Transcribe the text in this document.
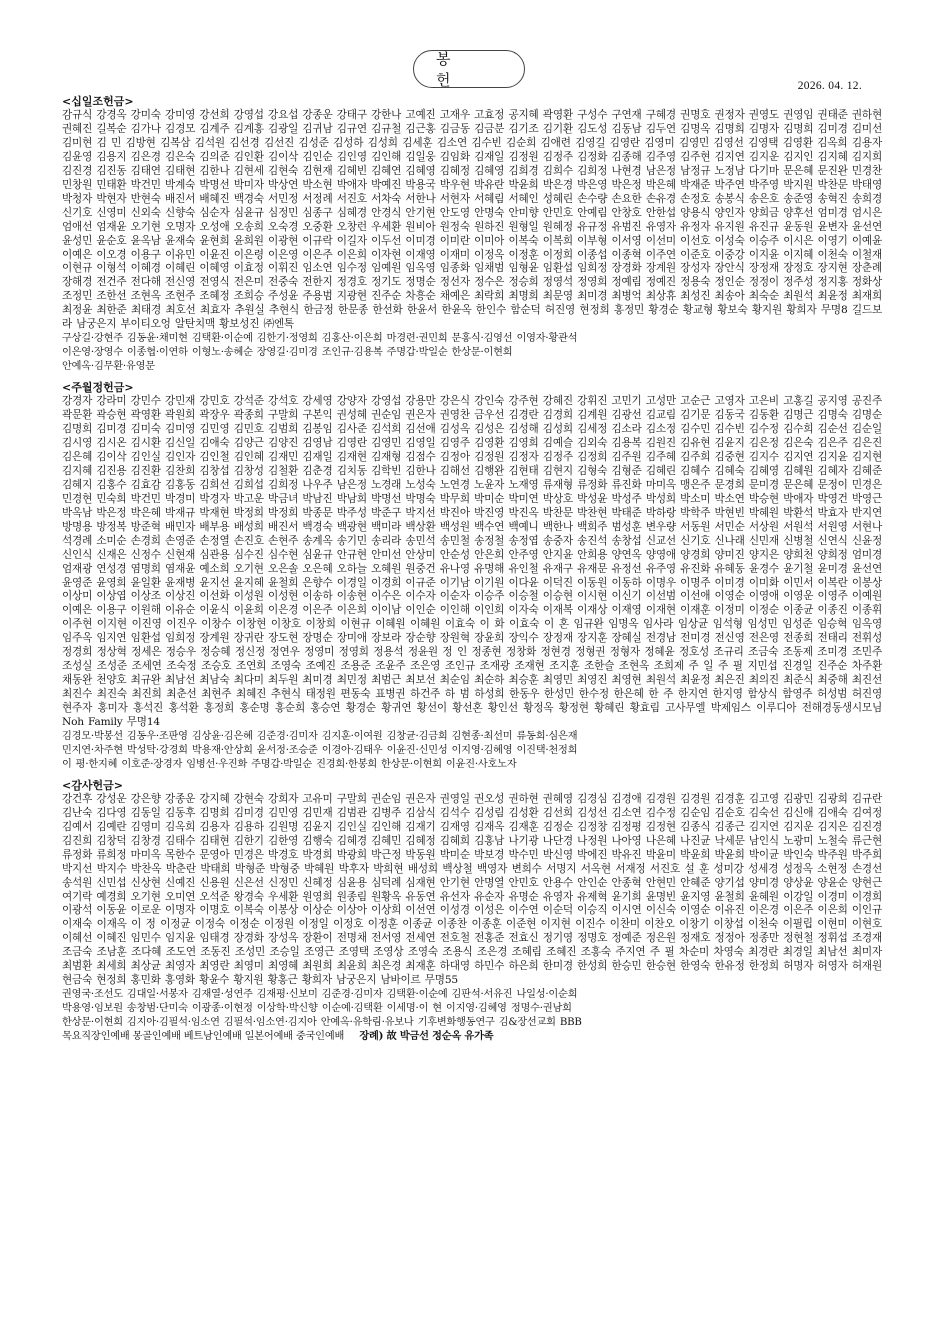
봉 헌	2026. 04. 12.
<십일조헌금>

감규식 강경옥 강미숙 강미영 강선희 강영섭 강요섭 강종운 강태구 강한나 고예진 고재우 고효정 공지혜 곽영환 구성수 구연재 구혜경 권명호 권정자 권영도 권영임 권태준 권하현 권혜진 길복순 김가나 김경모 김계주 김계홍 김광일 김귀남 김규연 김규철 김근홍 김금동 김금분 김기조 김기환 김도성 김동남 김두연 김명옥 김명희 김명자 김명희 김미경 김미선 김미현 김 민 김방현 김복삼 김석원 김선경 김선진 김성준 김성하 김성희 김세훈 김소연 김수빈 김순희 김애련 김영길 김영란 김영미 김영민 김영선 김영택 김영환 김옥희 김용자 김윤영 김용지 김은경 김은숙 김의준 김인환 김이삭 김인순 김인영 김인해 김일웅 김임화 김재일 김정원 김정주 김정화 김종해 김주영 김주현 김지연 김지운 김지인 김지혜 김지희 김진경 김진동 김태연 김태현 김한나 김현세 김현숙 김현재 김혜빈 김혜연 김혜영 김혜정 김혜영 김희경 김희수 김희정 나현경 남은정 남정규 노정남 다기마 문은혜 문진완 민경찬 민창원 민태환 박건민 박계숙 박명선 박미자 박상연 박소현 박애자 박예진 박용국 박우현 박유란 박윤희 박은경 박은영 박은정 박은혜 박재준 박주연 박주영 박지원 박찬문 박태영 박청자 박현자 반현숙 배진서 배혜진 백경숙 서민정 서정례 서진호 서차숙 서한나 서현자 서혜림 서혜인 성혜린 손수량 손요한 손유경 손정호 송봉식 송은호 송준영 송혁진 송희경 신기호 신영미 신외숙 신향숙 심순자 심윤규 심정민 심종구 심혜경 안경식 안기현 안도영 안명숙 안미향 안민호 안예림 안창호 안한섭 양용식 양인자 양희금 양후선 엄미경 엄시은 엄애선 엄재윤 오기현 오명자 오성애 오송희 오숙경 오중환 오창런 우세환 원비아 원정숙 원하진 원형일 원혜정 유규정 유범진 유영자 유정자 유지원 유진규 윤동원 윤변자 윤선연 윤성민 윤순호 윤옥남 윤재숙 윤현희 윤희원 이광현 이규락 이길자 이두선 이미경 이미란 이미아 이복숙 이복희 이부형 이서영 이선미 이선호 이성숙 이승주 이시은 이영기 이예윤 이예은 이오경 이용구 이유민 이윤진 이은령 이은영 이은주 이은희 이자현 이재영 이재미 이정옥 이정훈 이정희 이종섭 이종혁 이주연 이준호 이중강 이지윤 이지혜 이천숙 이철재 이현규 이형석 이혜경 이혜린 이혜영 이효정 이휘진 임소연 임수정 임예원 임옥영 임종화 임채범 임형윤 임환섭 임희정 장경화 장계원 장성자 장안식 장정재 장정호 장지현 장춘례 장해경 전건주 전다해 전신영 전영식 전은미 전중숙 전한지 정경호 정기도 정명순 정선자 정수은 정승희 정영석 정영희 정예림 정예진 정용숙 정인순 정정이 정주성 정지홍 정화상 조정민 조한선 조현옥 조현주 조혜정 조희승 주성윤 주용범 지광현 진주순 차흥순 채예은 최락희 최명희 최문영 최미경 최병억 최상휴 최성진 최송아 최숙순 최원석 최윤정 최재희 최정윤 최한준 최태경 최호선 최효자 추원실 추현식 한금정 한문종 한선화 한윤서 한윤옥 한인수 함순덕 허진영 현정희 홍정민 황경순 황교형 황보숙 황지원 황희자 무명8 길드보라 남궁은지 부이티오엉 알탄치맥 황보성진 ㈜엔톡

구상길·강현주 김동윤·채미현 김택환·이순예 김한기·정영희 김홍산·이은희 마경련·권민희 문홍식·김영선 이영자·황관석

이은영·장영수 이종협·이연하 이형노·송혜순 장영길·김미경 조인규·김용복 주명갑·박일순 한상문·이현희

안예옥·김무환·유영문

<주월정헌금>

강경자 강라미 강민수 강민재 강민호 강석준 강석호 강세영 강양자 강영섭 강용만 강은식 강인숙 강주현 강혜진 강휘진 고민기 고성만 고순근 고영자 고은비 고홍길 공지영 공진주 곽문환 곽승현 곽영환 곽원희 곽장우 곽종희 구말희 구본익 권성혜 권순임 권은자 권영찬 금우선 김경란 김경희 김계원 김광선 김교림 김기문 김동국 김동환 김명근 김명숙 김명순 김명희 김미경 김미숙 김미영 김민영 김민호 김범희 김봉임 김사준 김석희 김선애 김성옥 김성은 김성해 김성희 김세정 김소라 김소정 김수민 김수빈 김수정 김수희 김순선 김순일 김시영 김시온 김시환 김신일 김애숙 김양근 김양진 김영남 김영란 김영민 김영일 김영주 김영환 김영희 김예슬 김외숙 김용복 김원진 김유현 김윤지 김은정 김은숙 김은주 김은진 김은혜 김이삭 김인실 김인자 김인철 김인혜 김재민 김재일 김재현 김재형 김점수 김정아 김정원 김정자 김정주 김정희 김주원 김주혜 김주희 김중현 김지수 김지연 김지윤 김지현 김지혜 김진용 김진환 김찬희 김창섭 김창성 김철환 김춘경 김치동 김학빈 김한나 김해선 김행완 김현태 김현지 김형숙 김형준 김혜린 김혜수 김혜숙 김혜영 김혜원 김혜자 김혜준 김혜지 김홍수 김효감 김홍동 김희선 김희섭 김희정 나우주 남은정 노경래 노성숙 노연경 노윤자 노재영 류재형 류정화 류진화 마미옥 맹은주 문경희 문미경 문은혜 문정이 민경은 민경현 민숙희 박건민 박경미 박경자 박고운 박금녀 박남진 박남희 박명선 박명숙 박무희 박미순 박미연 박상호 박성윤 박성주 박성희 박소미 박소연 박승현 박애자 박영건 박영근 박옥남 박은정 박은혜 박재규 박재현 박정희 박정희 박종문 박주성 박준구 박지선 박진아 박진영 박진옥 박찬문 박찬현 박태준 박하랑 박학주 박현빈 박혜원 박환석 박효자 반지연 방명용 방정복 방준혁 배민자 배부용 배성희 배진서 백경숙 백광현 백미라 백상환 백성원 백수연 백예니 백한나 백희주 범성훈 변우량 서동원 서민순 서상원 서원석 서원영 서현나 석경례 소미순 손경희 손영준 손정열 손진호 손현주 송계옥 송기민 송리라 송민석 송민철 송정철 송정엽 송중자 송진석 송창섭 신교선 신기호 신나래 신민재 신병철 신연식 신윤정 신인식 신재은 신정수 신현재 심관용 심수진 심수현 심윤규 안규현 안미선 안상미 안순성 안은희 안주영 안지윤 안희용 양연옥 양영애 양경희 양미진 양지은 양희천 양희정 엄미경 엄재광 연성경 염명희 염재윤 예소희 오기현 오은솔 오은혜 오하늘 오혜원 원중건 유나영 유명해 유인철 유재구 유재문 유정선 유주영 유진화 유혜동 윤경수 윤기철 윤미경 윤선연 윤영준 윤영희 윤일환 윤재병 윤지선 윤지혜 윤철희 은향수 이경일 이경희 이규준 이기남 이기원 이다윤 이덕진 이동원 이동하 이명우 이명주 이미경 이미화 이민서 이복란 이봉상 이상미 이상엽 이상조 이상진 이선화 이성원 이성현 이송하 이송현 이수은 이수자 이순자 이승주 이승철 이승현 이시현 이신기 이선범 이선애 이영순 이영애 이영운 이영주 이예원 이예은 이용구 이원해 이유순 이윤식 이윤희 이은경 이은주 이은희 이이남 이인순 이인해 이인희 이자숙 이재복 이재상 이재영 이재현 이재훈 이정미 이정순 이종균 이종진 이종휘 이주현 이지현 이진영 이진우 이창수 이창현 이창호 이창희 이현규 이혜원 이혜원 이효숙 이 화 이효숙 이 혼 임규완 임명옥 임사라 임상균 임석형 임성민 임성준 임승혁 임옥영 임주옥 임지연 임환섭 임희정 장계원 장귀란 장도현 장명순 장미애 장보라 장순향 장원혁 장윤희 장익수 장정재 장지훈 장혜실 전경남 전미경 전신영 전은영 전종희 전태리 전휘성 정경희 정상혁 정세은 정승우 정승혜 정신정 정연우 정영미 정영희 정용석 정윤원 정 인 정종현 정창화 정현경 정형권 정형자 정혜윤 정호성 조규리 조금숙 조동제 조미경 조민주 조성실 조성준 조세연 조숙정 조승호 조연희 조영숙 조예진 조용준 조윤주 조은영 조인규 조재광 조재현 조지훈 조한슬 조현옥 조희제 주 일 주 필 지민섭 진경일 진주순 차주환 채동완 천양호 최규완 최남선 최남숙 최다미 최두원 최미경 최민정 최범근 최보선 최순임 최순하 최승훈 최영민 최영진 최영현 최원석 최윤정 최은진 최의진 최준식 최중해 최진선 최진수 최진숙 최진희 최춘선 최현주 최혜진 추현식 태정원 편동숙 표병권 하건주 하 범 하성희 한동우 한성민 한수정 한은혜 한 주 한지연 한지영 함상식 함영주 허성범 허진영 현주자 홍미자 홍석진 홍석환 홍정희 홍순명 홍순희 홍승연 황경순 황귀연 황선이 황선혼 황인선 황정옥 황정현 황혜린 황효림 고사무엘 박제임스 이루디아 전해경동생시모님 Noh Family 무명14

김경모·박봉선 김동우·조판영 김상윤·김은혜 김준경·김미자 김지훈·이여원 김창균·김금희 김현종·최선미 류동희·심은재

민지연·차주현 박성탁·강경희 박용재·안상희 윤서정·조승준 이경아·김태우 이윤진·신민성 이지영·김혜영 이진택·천정희

이 평·한지혜 이호준·장경자 임병선·우진화 주명갑·박일순 진경희·한봉희 한상문·이현희 이윤진·사호노자

<감사헌금>

강건후 강성운 강은향 강종운 강지혜 강현숙 강희자 고유미 구말희 권순임 권은자 권영일 권오성 권하현 권혜영 김경심 김경애 김경원 김경원 김경훈 김고영 김광민 김광희 김규란 김난숙 김다영 김동일 김동후 김명희 김미경 김민영 김민재 김범관 김병주 김삼식 김석수 김성림 김성환 김선희 김성선 김소연 김수정 김순임 김순호 김숙선 김신애 김애숙 김여정 김예서 김예란 김영미 김옥희 김용자 김용하 김원명 김윤지 김인실 김인해 김재기 김재영 김재옥 김재훈 김정순 김정창 김정평 김정현 김종식 김종근 김지연 김지운 김지은 김진경 김진희 김창덕 김창경 김태수 김태현 김한기 김한영 김행숙 김혜경 김혜민 김혜정 김혜희 김홍남 나기광 나단경 나정원 나아영 나은혜 나진균 낙세문 남인식 노광미 노철숙 류근현 류정화 류희정 마미옥 목한수 문영아 민경은 박경호 박경희 박광희 박근정 박동원 박미순 박보경 박수민 박신영 박에진 박유진 박윤미 박윤희 박윤희 박이균 박인숙 박주원 박주희 박지선 박지수 박찬옥 박춘란 박태희 박형준 박형중 박혜원 박후자 박희현 배성희 백상철 백영자 변희수 서명지 서옥현 서재정 서진호 설 훈 성미강 성세경 성정옥 소현정 손경선 송석원 신민섭 신상현 신예진 신용원 신은선 신정민 신혜정 심윤용 심덕례 심재현 안기현 안명열 안민호 안용수 안인순 안종혁 안현민 안혜준 양기섭 양미경 양상윤 양윤순 양현근 여기락 예경희 오기현 오미연 오석준 왕경숙 우세환 원영희 원종림 원황옥 유동연 유선자 유순자 유명순 유영자 유제혁 윤기희 윤명빈 윤지영 윤철희 윤혜원 이강일 이경미 이경희 이광석 이동윤 이로운 이명자 이명호 이복숙 이봉상 이상순 이상아 이상희 이선연 이성경 이성은 이수연 이순덕 이승직 이시연 이신숙 이영순 이유진 이은경 이은주 이은희 이인규 이재숙 이재옥 이 정 이정균 이정숙 이정순 이정원 이정일 이정호 이정훈 이종균 이종찬 이종훈 이준현 이지현 이진수 이찬미 이찬오 이창기 이창섭 이천숙 이필립 이현미 이현호 이혜선 이혜진 임민수 임지윤 임태경 장경화 장성옥 장환이 전명채 전서영 전세연 전호철 전홍준 전효신 정기영 정명호 정예준 정은원 정재호 정정아 정종만 정현철 정휘섭 조경재 조금숙 조남훈 조다혜 조도연 조동진 조성민 조승일 조영근 조영택 조영상 조영숙 조용식 조은경 조혜림 조혜진 조홍숙 주지연 주 필 차순미 차영숙 최경란 최경일 최남선 최미자 최범환 최세희 최상균 최영자 최영란 최영미 최영혜 최원희 최윤희 최은경 최재훈 하대영 하민수 하은희 한미경 한성희 한승민 한승현 한영숙 한유정 한정희 허명자 허영자 허재원 현금숙 현정희 홍민화 홍영화 황윤수 황지원 황홍근 황희자 남궁은지 남바이르 무명55

권영국·조선도 김대일·서봉자 김재열·성연주 김재평·신보미 김준경·김미자 김택환·이순예 김판석·서유진 나일성·이순희

박용영·임보원 송창범·단미숙 이광종·이현정 이상학·박신향 이순예·김택환 이세명·이 현 이지영·김혜영 정명수·권남희

한상문·이현희 김지아·김필석·임소연 김필석·임소연·김지아 안예옥·유학림·유보나 기후변화행동연구 김&장선교회 BBB

목요직장인예배 몽골인예배 베트남인예배 일본어예배 중국인예배 장례) 故 박금선 정순옥 유가족
